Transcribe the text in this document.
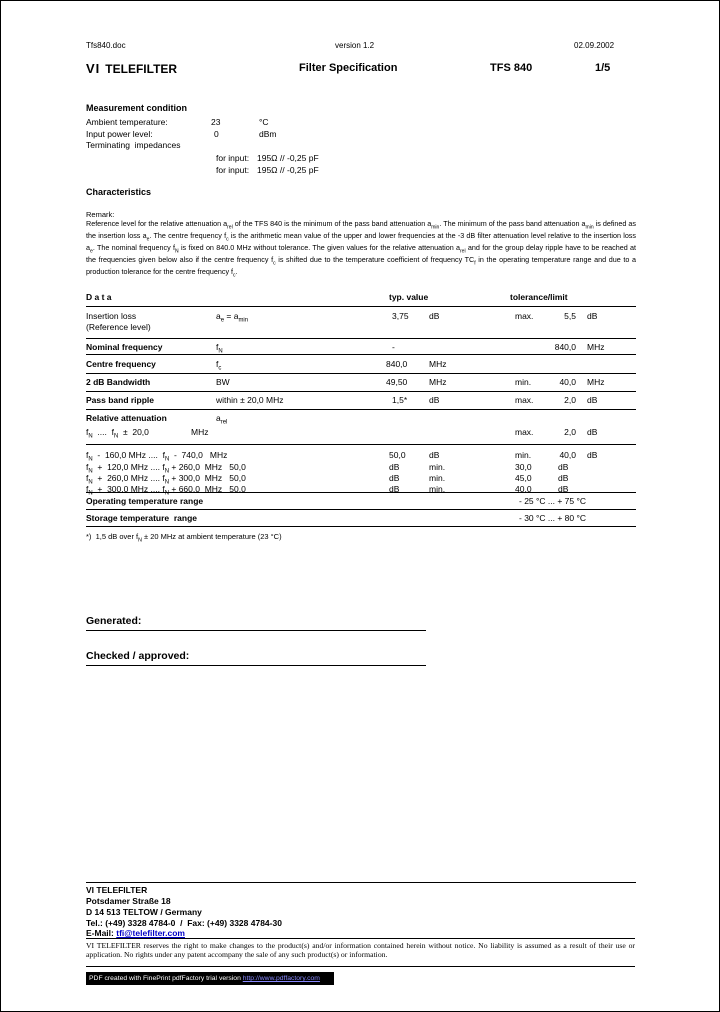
Tfs840.doc	version 1.2	02.09.2002
VI TELEFILTER	Filter Specification	TFS 840	1/5
Measurement condition
Ambient temperature:	23	°C
Input power level:	0	dBm
Terminating  impedances
for input: 195Ω // -0,25 pF
for input: 195Ω // -0,25 pF
Characteristics
Remark:
Reference level for the relative attenuation $a_{rel}$ of the TFS 840 is the minimum of the pass band attenuation $a_{min}$. The minimum of the pass band attenuation $a_{min}$ is defined as the insertion loss $a_e$. The centre frequency $f_c$ is the arithmetic mean value of the upper and lower frequencies at the -3 dB filter attenuation level relative to the insertion loss $a_e$. The nominal frequency $f_N$ is fixed on 840.0 MHz without tolerance. The given values for the relative attenuation $a_{rel}$ and for the group delay ripple have to be reached at the frequencies given below also if the centre frequency $f_c$ is shifted due to the temperature coefficient of frequency $TC_f$ in the operating temperature range and due to a production tolerance for the centre frequency $f_c$.
D a t a	typ. value	tolerance/limit
Insertion loss	$a_e = a_{min}$	3,75 dB	max.	5,5 dB
(Reference level)
Nominal frequency	$f_N$	-	840,0 MHz
Centre frequency	$f_c$	840,0	MHz
2 dB Bandwidth	BW	49,50	MHz	min.	40,0 MHz
Pass band ripple	within ± 20,0 MHz	1,5*	dB	max.	2,0 dB
Relative attenuation	$a_{rel}$
$f_N$  ....  $f_N \pm 20,0$	MHz	max.	2,0 dB
$f_N - 160,0$ MHz ....  $f_N - 740,0$   MHz	50,0	dB	min.	40,0 dB
$f_N + 120,0$ MHz .... $f_N + 260,0$  MHz   50,0	dB	min.	30,0	dB
$f_N + 260,0$ MHz .... $f_N + 300,0$  MHz   50,0	dB	min.	45,0	dB
$f_N + 300,0$ MHz .... $f_N + 660,0$  MHz   50,0	dB	min.	40,0	dB
Operating temperature range	- 25 °C ... + 75 °C
Storage temperature  range	- 30 °C ... + 80 °C
*)  1,5 dB over $f_N \pm 20$ MHz at ambient temperature (23 °C)
Generated:
Checked / approved:
VI TELEFILTER
Potsdamer Straße 18
D 14 513 TELTOW / Germany
Tel.: (+49) 3328 4784-0  /  Fax: (+49) 3328 4784-30
E-Mail: tfi@telefilter.com
VI TELEFILTER reserves the right to make changes to the product(s) and/or information contained herein without notice. No liability is assumed as a result of their use or application. No rights under any patent accompany the sale of any such product(s) or information.
PDF created with FinePrint pdfFactory trial version http://www.pdffactory.com
